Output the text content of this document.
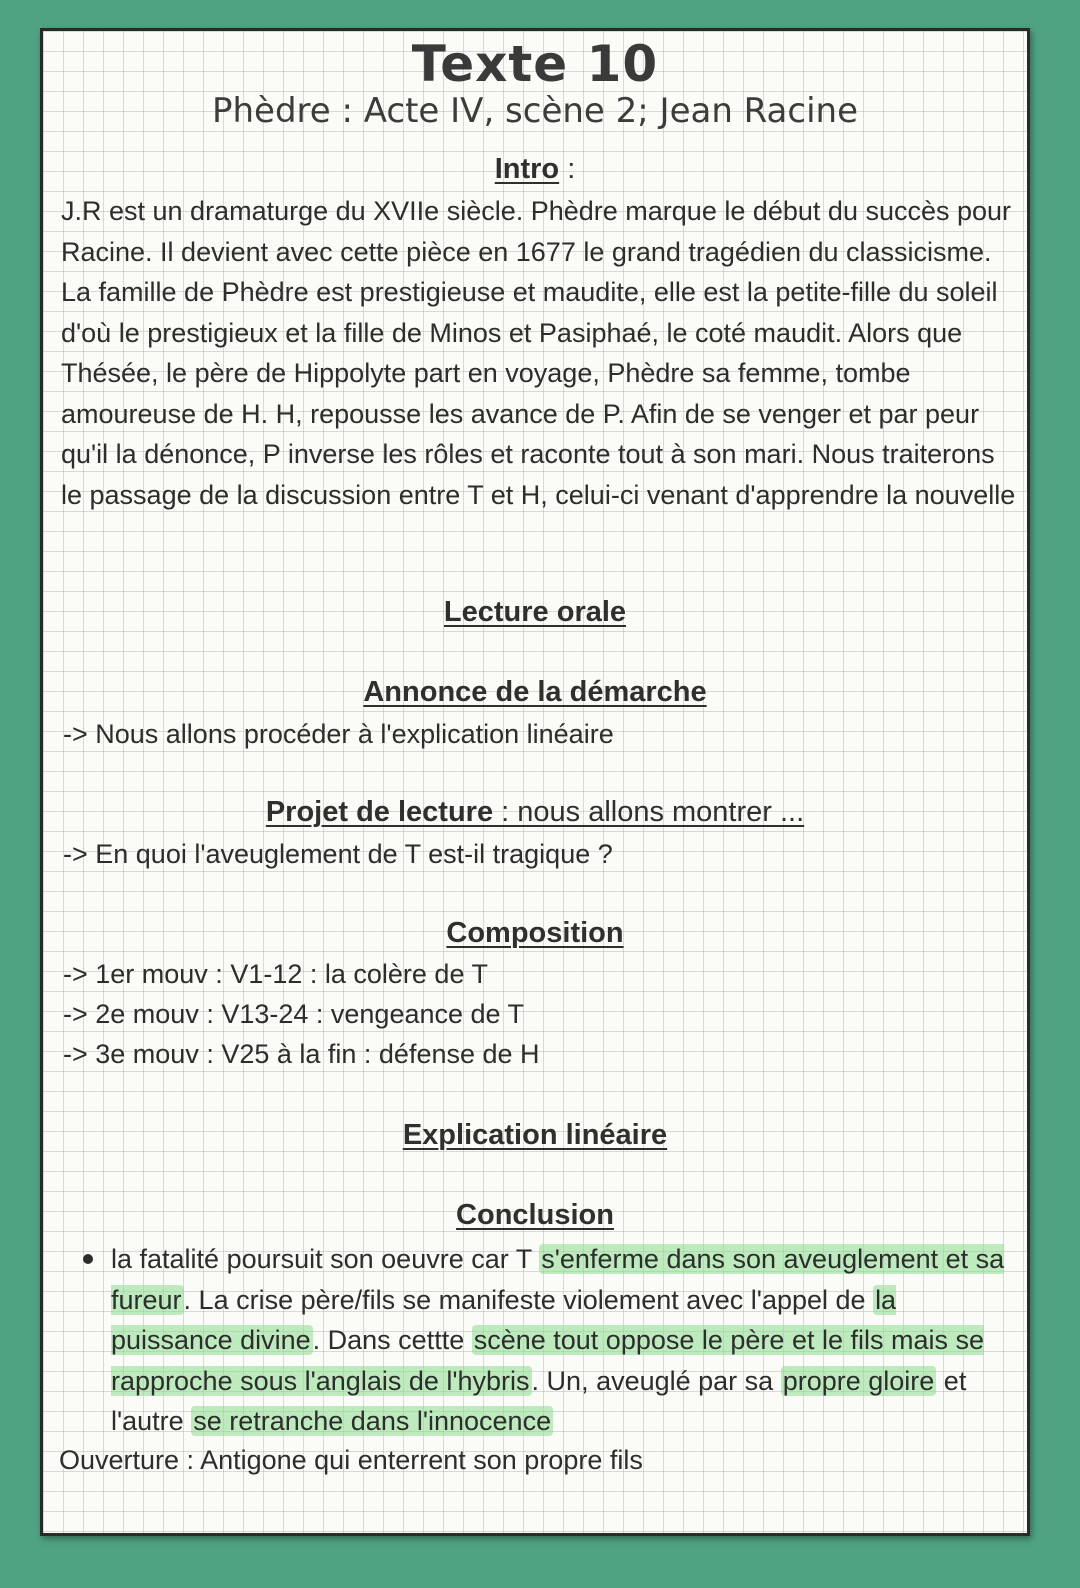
Texte 10
Phèdre : Acte IV, scène 2; Jean Racine
Intro :
J.R est un dramaturge du XVIIe siècle. Phèdre marque le début du succès pour Racine. Il devient avec cette pièce en 1677 le grand tragédien du classicisme. La famille de Phèdre est prestigieuse et maudite, elle est la petite-fille du soleil d'où le prestigieux et la fille de Minos et Pasiphaé, le coté maudit. Alors que Thésée, le père de Hippolyte part en voyage, Phèdre sa femme, tombe amoureuse de H. H, repousse les avance de P. Afin de se venger et par peur qu'il la dénonce, P inverse les rôles et raconte tout à son mari. Nous traiterons le passage de la discussion entre T et H, celui-ci venant d'apprendre la nouvelle
Lecture orale
Annonce de la démarche
-> Nous allons procéder à l'explication linéaire
Projet de lecture : nous allons montrer ...
-> En quoi l'aveuglement de T est-il tragique ?
Composition
-> 1er mouv : V1-12 : la colère de T
-> 2e mouv : V13-24 : vengeance de T
-> 3e mouv : V25 à la fin : défense de H
Explication linéaire
Conclusion
la fatalité poursuit son oeuvre car T s'enferme dans son aveuglement et sa fureur. La crise père/fils se manifeste violement avec l'appel de la puissance divine. Dans cettte scène tout oppose le père et le fils mais se rapproche sous l'anglais de l'hybris. Un, aveuglé par sa propre gloire et l'autre se retranche dans l'innocence
Ouverture : Antigone qui enterrent son propre fils
